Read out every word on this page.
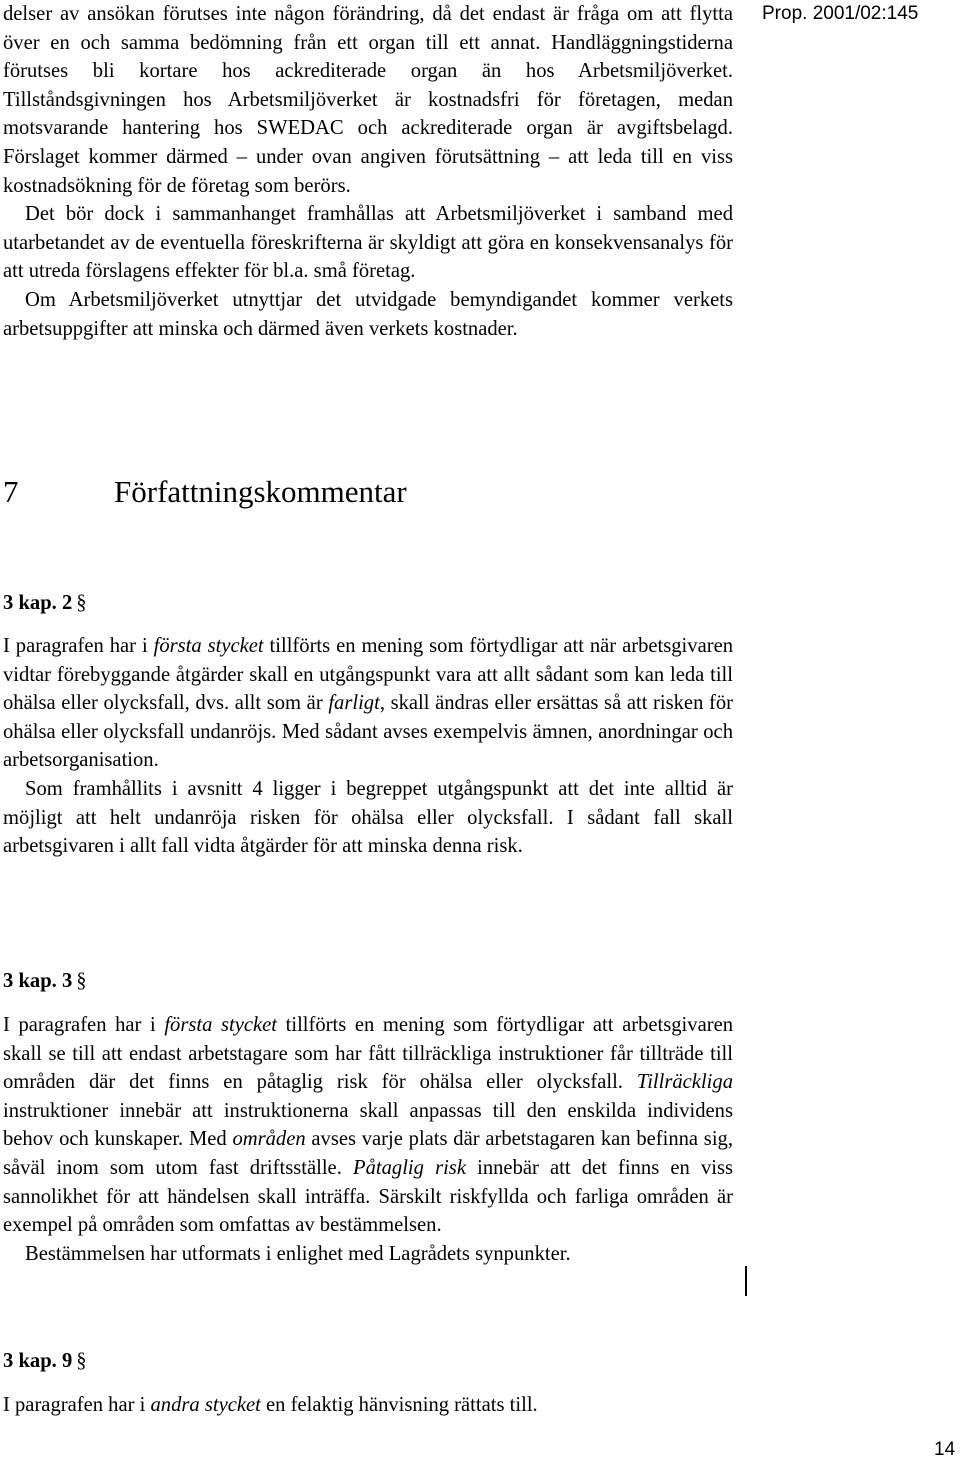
Prop. 2001/02:145

delser av ansökan förutses inte någon förändring, då det endast är fråga om att flytta över en och samma bedömning från ett organ till ett annat. Handläggningstiderna förutses bli kortare hos ackrediterade organ än hos Arbetsmiljöverket. Tillståndsgivningen hos Arbetsmiljöverket är kostnadsfri för företagen, medan motsvarande hantering hos SWEDAC och ackrediterade organ är avgiftsbelagd. Förslaget kommer därmed – under ovan angiven förutsättning – att leda till en viss kostnadsökning för de företag som berörs.

Det bör dock i sammanhanget framhållas att Arbetsmiljöverket i samband med utarbetandet av de eventuella föreskrifterna är skyldigt att göra en konsekvensanalys för att utreda förslagens effekter för bl.a. små företag.

Om Arbetsmiljöverket utnyttjar det utvidgade bemyndigandet kommer verkets arbetsuppgifter att minska och därmed även verkets kostnader.

7	Författningskommentar
3 kap. 2 §

I paragrafen har i första stycket tillförts en mening som förtydligar att när arbetsgivaren vidtar förebyggande åtgärder skall en utgångspunkt vara att allt sådant som kan leda till ohälsa eller olycksfall, dvs. allt som är farligt, skall ändras eller ersättas så att risken för ohälsa eller olycksfall undanröjs. Med sådant avses exempelvis ämnen, anordningar och arbetsorganisation.

Som framhållits i avsnitt 4 ligger i begreppet utgångspunkt att det inte alltid är möjligt att helt undanröja risken för ohälsa eller olycksfall. I sådant fall skall arbetsgivaren i allt fall vidta åtgärder för att minska denna risk.

3 kap. 3 §

I paragrafen har i första stycket tillförts en mening som förtydligar att arbetsgivaren skall se till att endast arbetstagare som har fått tillräckliga instruktioner får tillträde till områden där det finns en påtaglig risk för ohälsa eller olycksfall. Tillräckliga instruktioner innebär att instruktionerna skall anpassas till den enskilda individens behov och kunskaper. Med områden avses varje plats där arbetstagaren kan befinna sig, såväl inom som utom fast driftsställe. Påtaglig risk innebär att det finns en viss sannolikhet för att händelsen skall inträffa. Särskilt riskfyllda och farliga områden är exempel på områden som omfattas av bestämmelsen.

Bestämmelsen har utformats i enlighet med Lagrådets synpunkter.

3 kap. 9 §

I paragrafen har i andra stycket en felaktig hänvisning rättats till.

14
